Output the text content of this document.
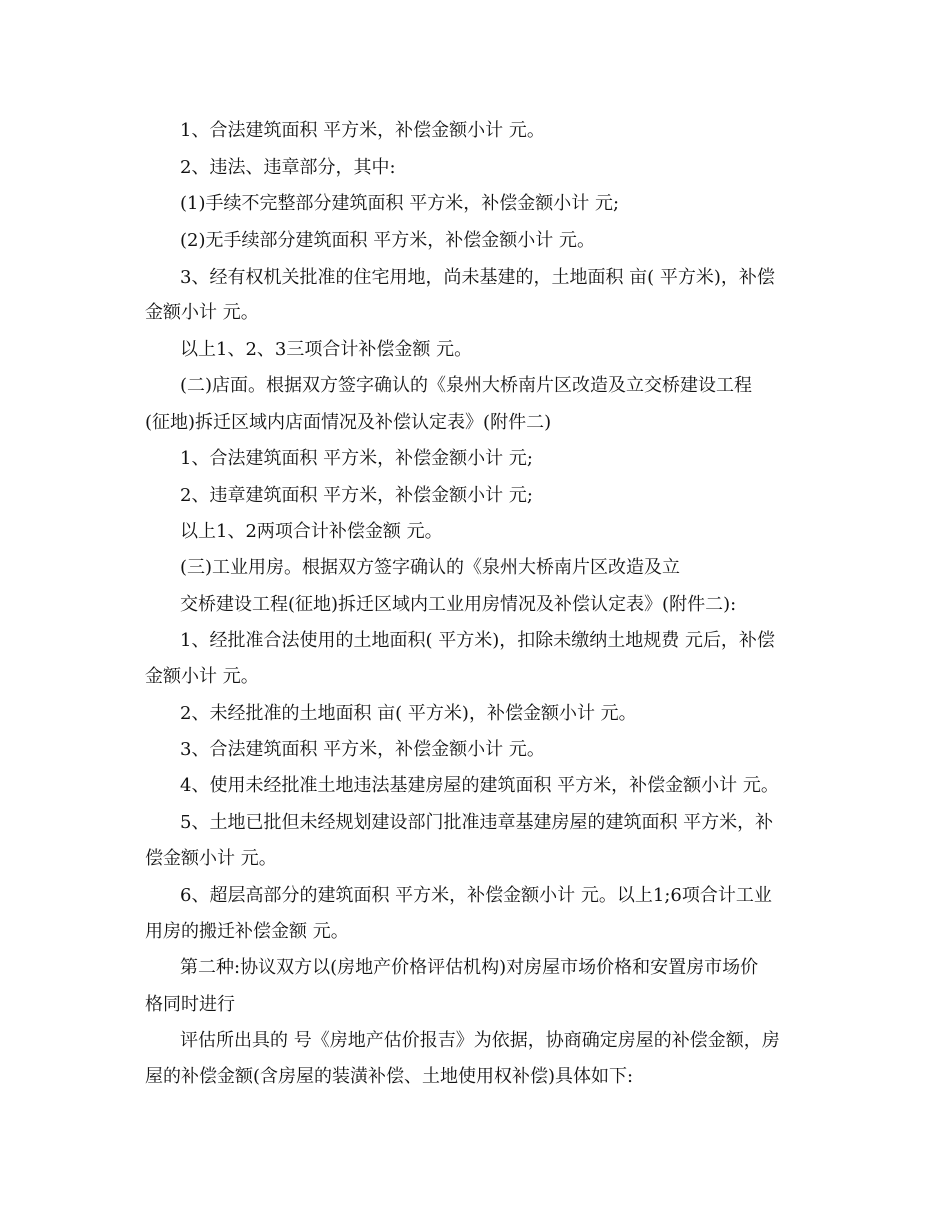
1、合法建筑面积 平方米，补偿金额小计 元。
2、违法、违章部分，其中:
(1)手续不完整部分建筑面积 平方米，补偿金额小计 元;
(2)无手续部分建筑面积 平方米，补偿金额小计 元。
3、经有权机关批准的住宅用地，尚未基建的，土地面积 亩( 平方米)，补偿
金额小计 元。
以上1、2、3三项合计补偿金额 元。
(二)店面。根据双方签字确认的《泉州大桥南片区改造及立交桥建设工程
(征地)拆迁区域内店面情况及补偿认定表》(附件二)
1、合法建筑面积 平方米，补偿金额小计 元;
2、违章建筑面积 平方米，补偿金额小计 元;
以上1、2两项合计补偿金额 元。
(三)工业用房。根据双方签字确认的《泉州大桥南片区改造及立
交桥建设工程(征地)拆迁区域内工业用房情况及补偿认定表》(附件二):
1、经批准合法使用的土地面积( 平方米)，扣除未缴纳土地规费 元后，补偿
金额小计 元。
2、未经批准的土地面积 亩( 平方米)，补偿金额小计 元。
3、合法建筑面积 平方米，补偿金额小计 元。
4、使用未经批准土地违法基建房屋的建筑面积 平方米，补偿金额小计 元。
5、土地已批但未经规划建设部门批准违章基建房屋的建筑面积 平方米，补
偿金额小计 元。
6、超层高部分的建筑面积 平方米，补偿金额小计 元。以上1;6项合计工业
用房的搬迁补偿金额 元。
第二种:协议双方以(房地产价格评估机构)对房屋市场价格和安置房市场价
格同时进行
评估所出具的 号《房地产估价报吉》为依据，协商确定房屋的补偿金额，房
屋的补偿金额(含房屋的装潢补偿、土地使用权补偿)具体如下:
